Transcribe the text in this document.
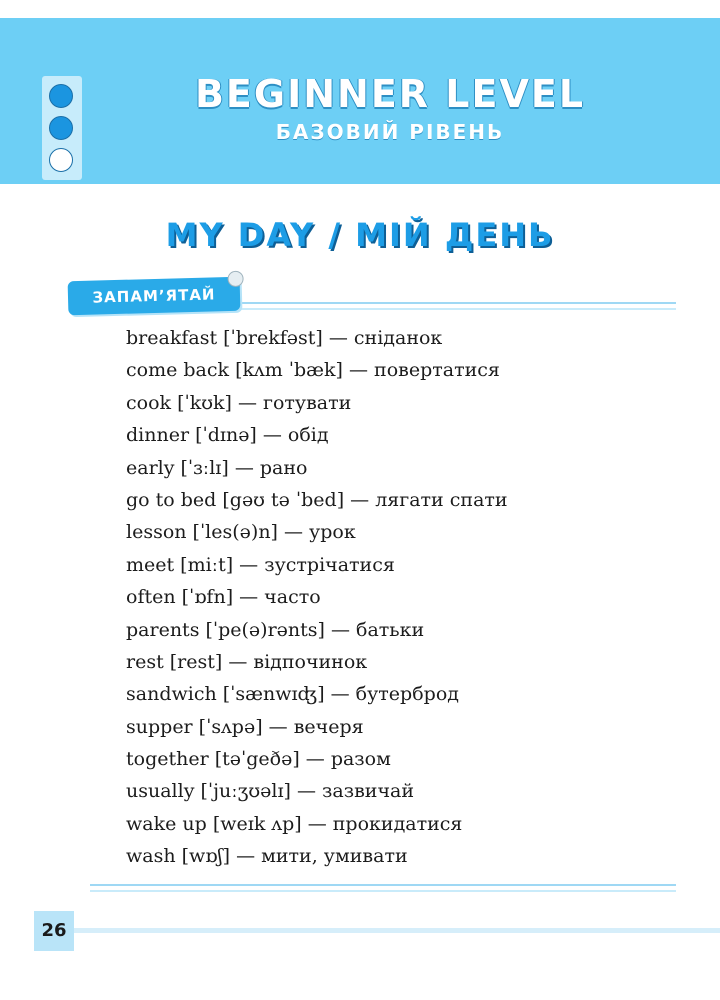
BEGINNER LEVEL
БАЗОВИЙ РІВЕНЬ
MY DAY / МІЙ ДЕНЬ
ЗАПАМ’ЯТАЙ
breakfast [ˈbrekfəst] — сніданок
come back [kʌm ˈbæk] — повертатися
cook [ˈkʊk] — готувати
dinner [ˈdɪnə] — обід
early [ˈɜːlɪ] — рано
go to bed [gəʊ tə ˈbed] — лягати спати
lesson [ˈles(ə)n] — урок
meet [miːt] — зустрічатися
often [ˈɒfn] — часто
parents [ˈpe(ə)rənts] — батьки
rest [rest] — відпочинок
sandwich [ˈsænwɪʤ] — бутерброд
supper [ˈsʌpə] — вечеря
together [təˈgeðə] — разом
usually [ˈjuːʒʊəlɪ] — зазвичай
wake up [weɪk ʌp] — прокидатися
wash [wɒʃ] — мити, умивати
26
